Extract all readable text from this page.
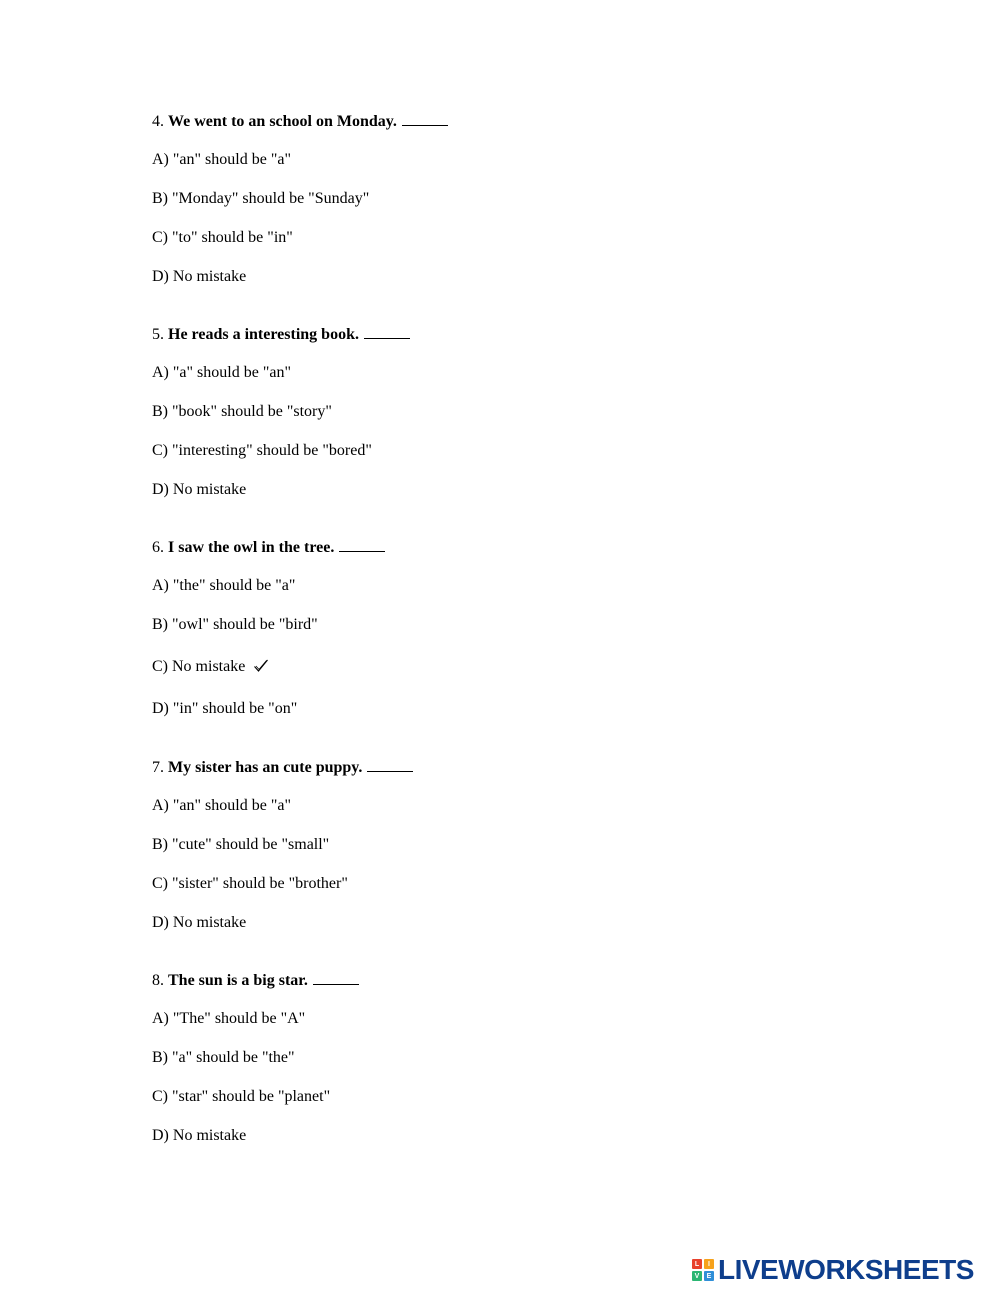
4. We went to an school on Monday.
A) "an" should be "a"
B) "Monday" should be "Sunday"
C) "to" should be "in"
D) No mistake
5. He reads a interesting book.
A) "a" should be "an"
B) "book" should be "story"
C) "interesting" should be "bored"
D) No mistake
6. I saw the owl in the tree.
A) "the" should be "a"
B) "owl" should be "bird"
C) No mistake
D) "in" should be "on"
7. My sister has an cute puppy.
A) "an" should be "a"
B) "cute" should be "small"
C) "sister" should be "brother"
D) No mistake
8. The sun is a big star.
A) "The" should be "A"
B) "a" should be "the"
C) "star" should be "planet"
D) No mistake
L	I
V	E LIVEWORKSHEETS
